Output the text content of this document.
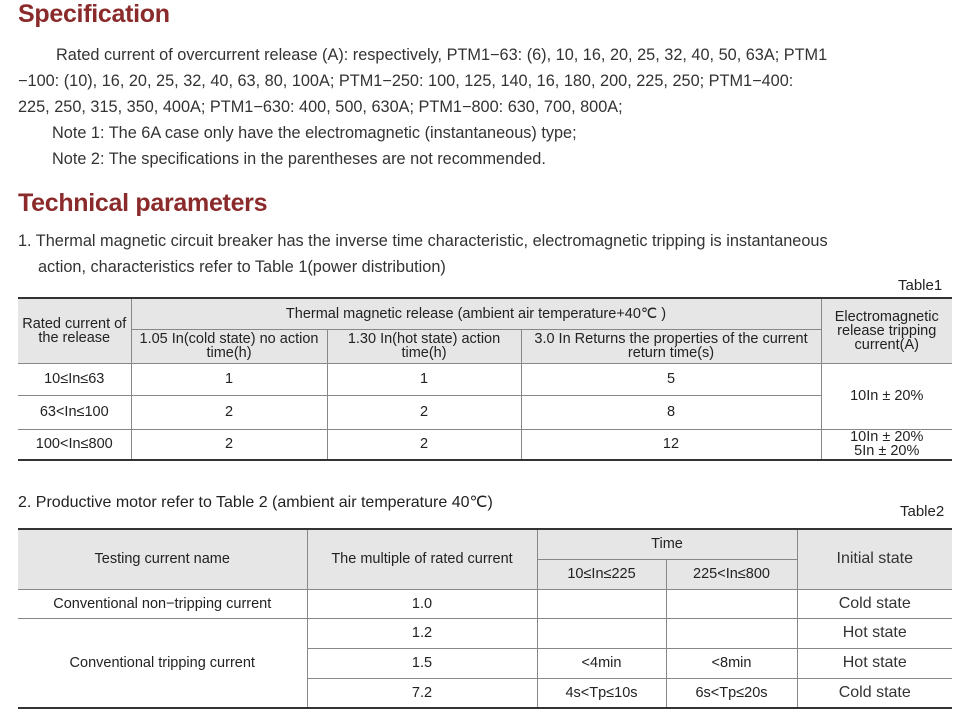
Specification
Rated current of overcurrent release (A): respectively, PTM1−63: (6), 10, 16, 20, 25, 32, 40, 50, 63A; PTM1
−100: (10), 16, 20, 25, 32, 40, 63, 80, 100A; PTM1−250: 100, 125, 140, 16, 180, 200, 225, 250; PTM1−400:
225, 250, 315, 350, 400A; PTM1−630: 400, 500, 630A; PTM1−800: 630, 700, 800A;
Note 1: The 6A case only have the electromagnetic (instantaneous) type;
Note 2: The specifications in the parentheses are not recommended.
Technical parameters
1. Thermal magnetic circuit breaker has the inverse time characteristic, electromagnetic tripping is instantaneous
action, characteristics refer to Table 1(power distribution)
Table1
Rated current of the release	Thermal magnetic release (ambient air temperature+40℃ )			Electromagnetic release tripping current(A)
	1.05 In(cold state) no action time(h)	1.30 In(hot state) action time(h)	3.0 In Returns the properties of the current return time(s)	
10≤In≤63	1	1	5	10In ± 20%
63<In≤100	2	2	8	
100<In≤800	2	2	12	10In ± 20%
5In ± 20%
2. Productive motor refer to Table 2 (ambient air temperature 40℃)
Table2
Testing current name	The multiple of rated current	Time		Initial state
		10≤In≤225	225<In≤800	
Conventional non−tripping current	1.0			Cold state
Conventional tripping current	1.2			Hot state
	1.5	<4min	<8min	Hot state
	7.2	4s<Tp≤10s	6s<Tp≤20s	Cold state
